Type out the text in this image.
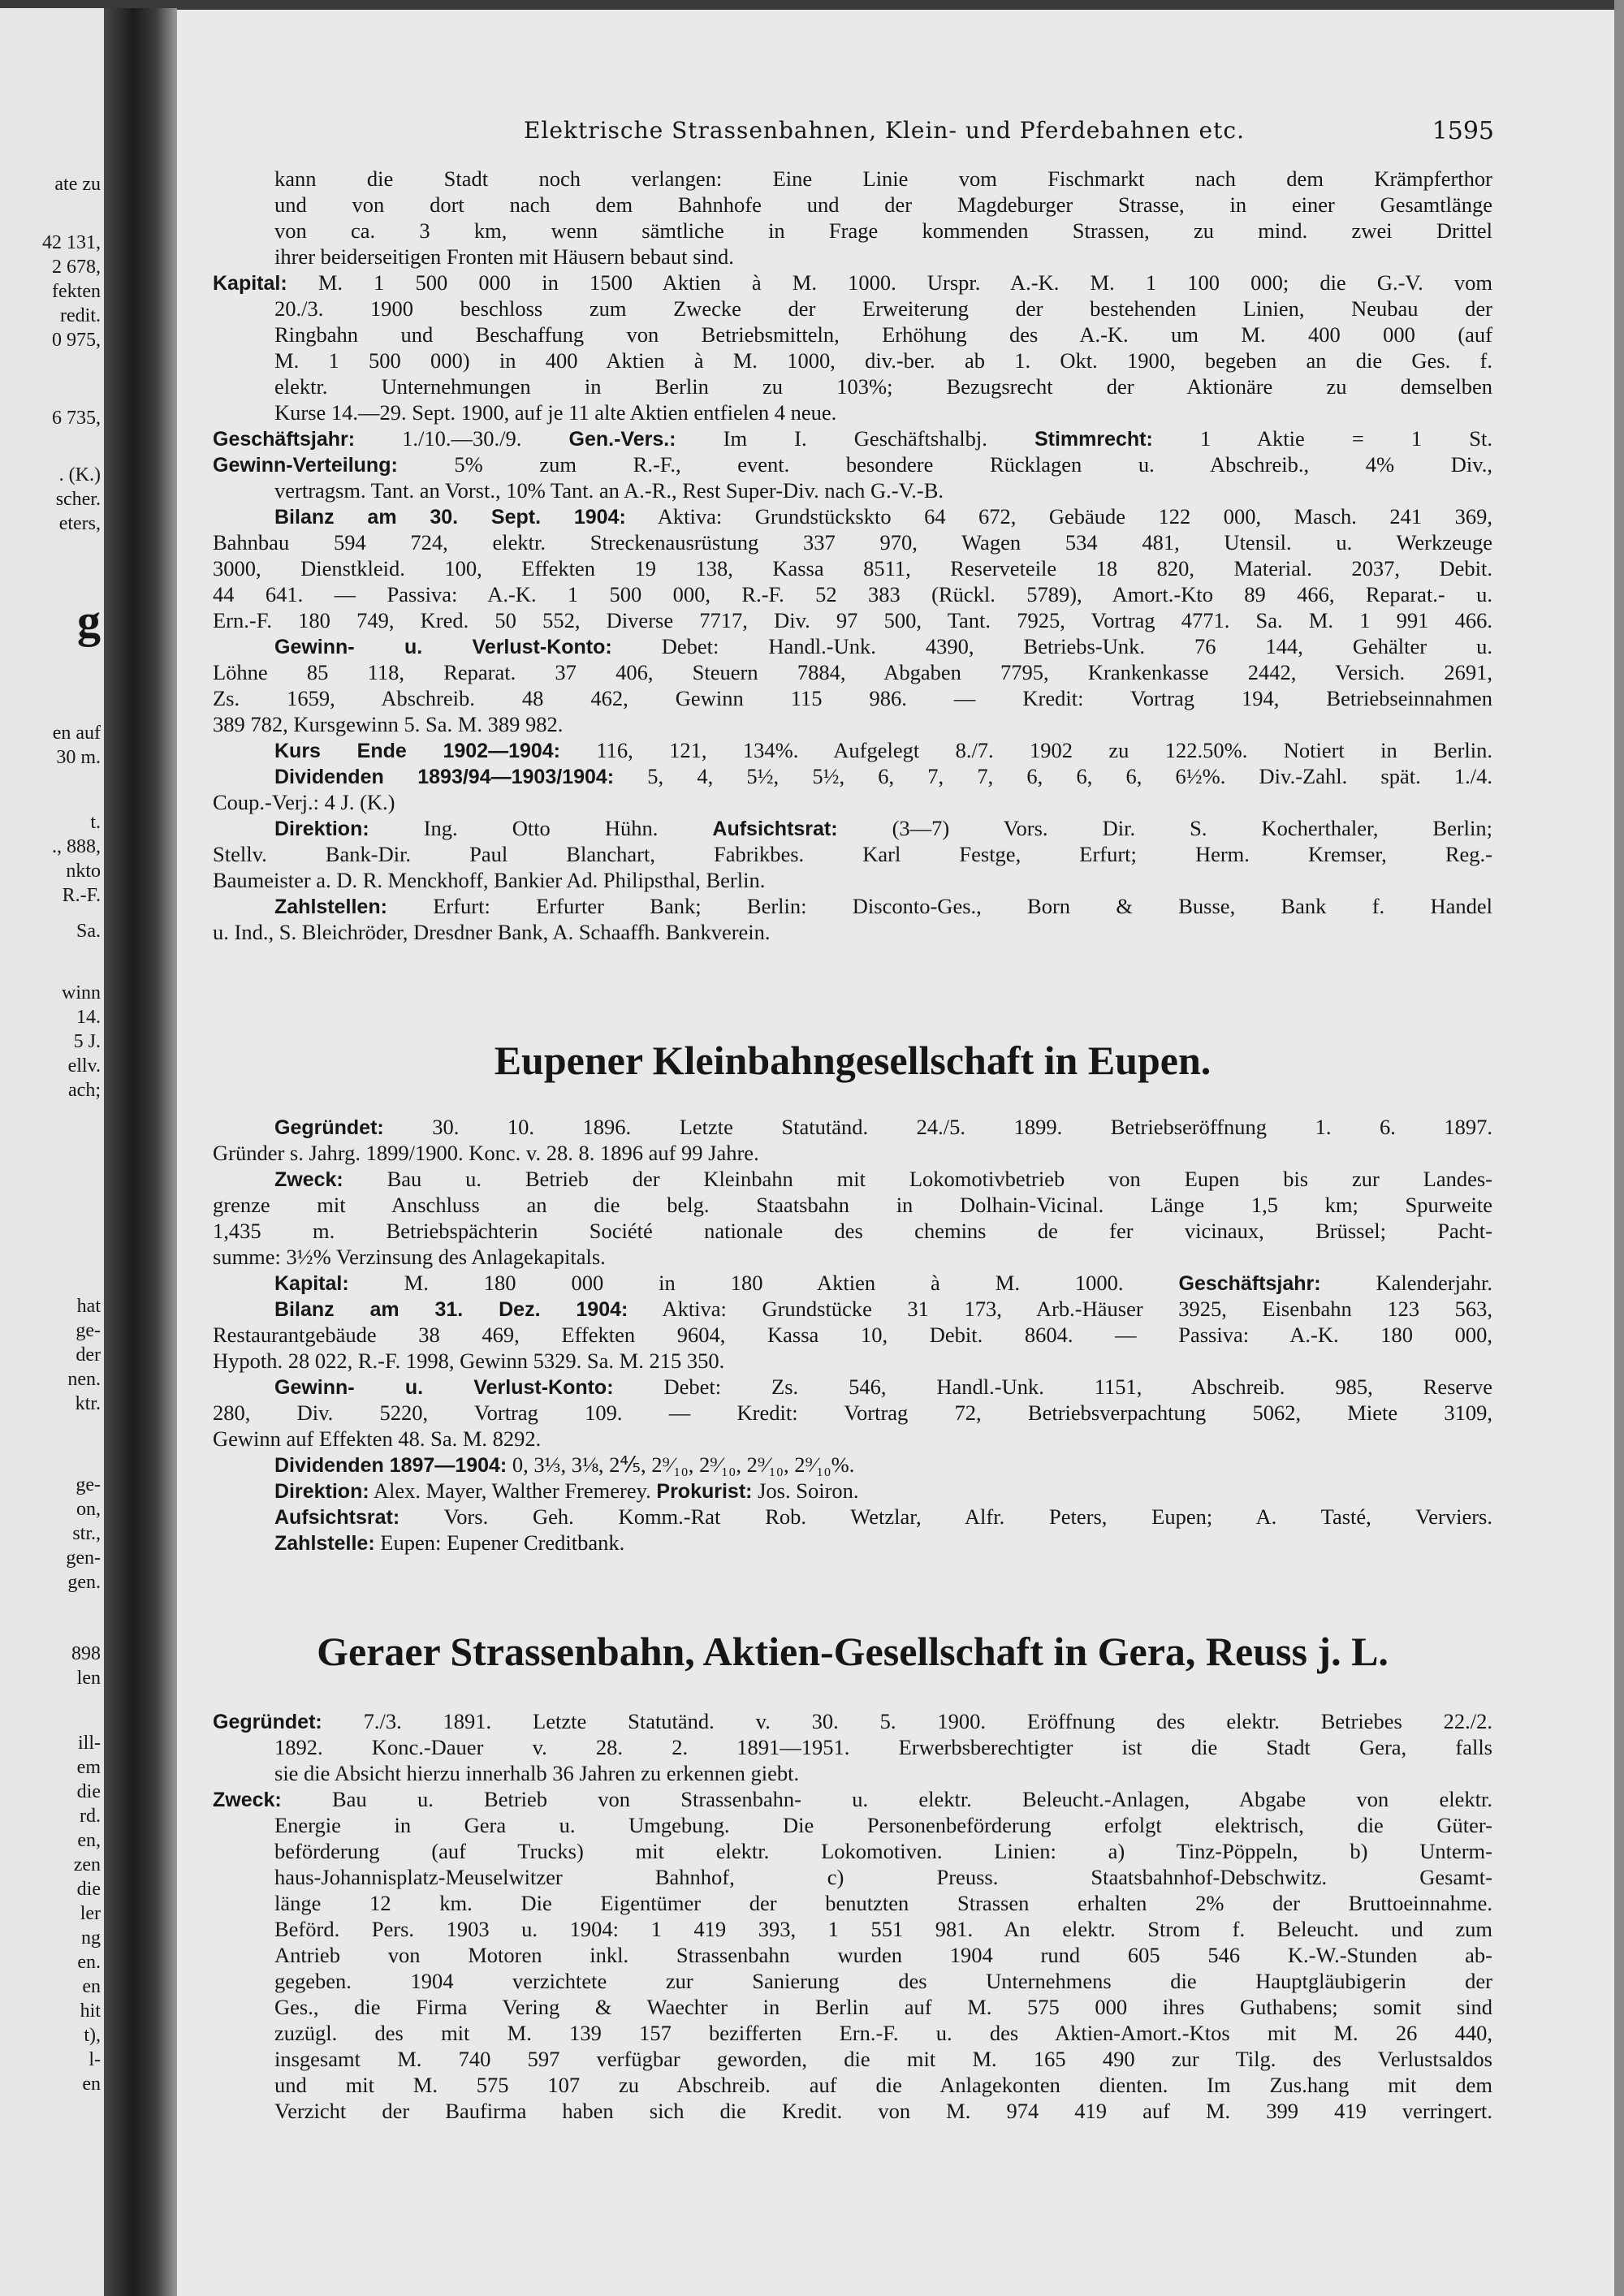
ate zu
42 131,
2 678,
fekten
redit.
0 975,
6 735,
. (K.)
scher.
eters,
g
en auf
30 m.
t.
., 888,
nkto
R.-F.
Sa.
winn
14.
5 J.
ellv.
ach;
hat
ge-
der
nen.
ktr.
ge-
on,
str.,
gen-
gen.
898
len
ill-
em
die
rd.
en,
zen
die
ler
ng
en.
en
hit
t),
l-
en
Elektrische Strassenbahnen, Klein- und Pferdebahnen etc.	1595
kann die Stadt noch verlangen: Eine Linie vom Fischmarkt nach dem Krämpferthor
und von dort nach dem Bahnhofe und der Magdeburger Strasse, in einer Gesamtlänge
von ca. 3 km, wenn sämtliche in Frage kommenden Strassen, zu mind. zwei Drittel
ihrer beiderseitigen Fronten mit Häusern bebaut sind.
Kapital: M. 1 500 000 in 1500 Aktien à M. 1000. Urspr. A.-K. M. 1 100 000; die G.-V. vom
20./3. 1900 beschloss zum Zwecke der Erweiterung der bestehenden Linien, Neubau der
Ringbahn und Beschaffung von Betriebsmitteln, Erhöhung des A.-K. um M. 400 000 (auf
M. 1 500 000) in 400 Aktien à M. 1000, div.-ber. ab 1. Okt. 1900, begeben an die Ges. f.
elektr. Unternehmungen in Berlin zu 103%; Bezugsrecht der Aktionäre zu demselben
Kurse 14.—29. Sept. 1900, auf je 11 alte Aktien entfielen 4 neue.
Geschäftsjahr: 1./10.—30./9. Gen.-Vers.: Im I. Geschäftshalbj. Stimmrecht: 1 Aktie = 1 St.
Gewinn-Verteilung: 5% zum R.-F., event. besondere Rücklagen u. Abschreib., 4% Div.,
vertragsm. Tant. an Vorst., 10% Tant. an A.-R., Rest Super-Div. nach G.-V.-B.
Bilanz am 30. Sept. 1904: Aktiva: Grundstückskto 64 672, Gebäude 122 000, Masch. 241 369,
Bahnbau 594 724, elektr. Streckenausrüstung 337 970, Wagen 534 481, Utensil. u. Werkzeuge
3000, Dienstkleid. 100, Effekten 19 138, Kassa 8511, Reserveteile 18 820, Material. 2037, Debit.
44 641. — Passiva: A.-K. 1 500 000, R.-F. 52 383 (Rückl. 5789), Amort.-Kto 89 466, Reparat.- u.
Ern.-F. 180 749, Kred. 50 552, Diverse 7717, Div. 97 500, Tant. 7925, Vortrag 4771. Sa. M. 1 991 466.
Gewinn- u. Verlust-Konto: Debet: Handl.-Unk. 4390, Betriebs-Unk. 76 144, Gehälter u.
Löhne 85 118, Reparat. 37 406, Steuern 7884, Abgaben 7795, Krankenkasse 2442, Versich. 2691,
Zs. 1659, Abschreib. 48 462, Gewinn 115 986. — Kredit: Vortrag 194, Betriebseinnahmen
389 782, Kursgewinn 5. Sa. M. 389 982.
Kurs Ende 1902—1904: 116, 121, 134%. Aufgelegt 8./7. 1902 zu 122.50%. Notiert in Berlin.
Dividenden 1893/94—1903/1904: 5, 4, 5½, 5½, 6, 7, 7, 6, 6, 6, 6½%. Div.-Zahl. spät. 1./4.
Coup.-Verj.: 4 J. (K.)
Direktion: Ing. Otto Hühn. Aufsichtsrat: (3—7) Vors. Dir. S. Kocherthaler, Berlin;
Stellv. Bank-Dir. Paul Blanchart, Fabrikbes. Karl Festge, Erfurt; Herm. Kremser, Reg.-
Baumeister a. D. R. Menckhoff, Bankier Ad. Philipsthal, Berlin.
Zahlstellen: Erfurt: Erfurter Bank; Berlin: Disconto-Ges., Born & Busse, Bank f. Handel
u. Ind., S. Bleichröder, Dresdner Bank, A. Schaaffh. Bankverein.
Gegründet: 30. 10. 1896. Letzte Statutänd. 24./5. 1899. Betriebseröffnung 1. 6. 1897.
Gründer s. Jahrg. 1899/1900. Konc. v. 28. 8. 1896 auf 99 Jahre.
Zweck: Bau u. Betrieb der Kleinbahn mit Lokomotivbetrieb von Eupen bis zur Landes-
grenze mit Anschluss an die belg. Staatsbahn in Dolhain-Vicinal. Länge 1,5 km; Spurweite
1,435 m. Betriebspächterin Société nationale des chemins de fer vicinaux, Brüssel; Pacht-
summe: 3½% Verzinsung des Anlagekapitals.
Kapital: M. 180 000 in 180 Aktien à M. 1000. Geschäftsjahr: Kalenderjahr.
Bilanz am 31. Dez. 1904: Aktiva: Grundstücke 31 173, Arb.-Häuser 3925, Eisenbahn 123 563,
Restaurantgebäude 38 469, Effekten 9604, Kassa 10, Debit. 8604. — Passiva: A.-K. 180 000,
Hypoth. 28 022, R.-F. 1998, Gewinn 5329. Sa. M. 215 350.
Gewinn- u. Verlust-Konto: Debet: Zs. 546, Handl.-Unk. 1151, Abschreib. 985, Reserve
280, Div. 5220, Vortrag 109. — Kredit: Vortrag 72, Betriebsverpachtung 5062, Miete 3109,
Gewinn auf Effekten 48. Sa. M. 8292.
Dividenden 1897—1904: 0, 3⅓, 3⅛, 2⅘, 2⁹⁄₁₀, 2⁹⁄₁₀, 2⁹⁄₁₀, 2⁹⁄₁₀%.
Direktion: Alex. Mayer, Walther Fremerey. Prokurist: Jos. Soiron.
Aufsichtsrat: Vors. Geh. Komm.-Rat Rob. Wetzlar, Alfr. Peters, Eupen; A. Tasté, Verviers.
Zahlstelle: Eupen: Eupener Creditbank.
Gegründet: 7./3. 1891. Letzte Statutänd. v. 30. 5. 1900. Eröffnung des elektr. Betriebes 22./2.
1892. Konc.-Dauer v. 28. 2. 1891—1951. Erwerbsberechtigter ist die Stadt Gera, falls
sie die Absicht hierzu innerhalb 36 Jahren zu erkennen giebt.
Zweck: Bau u. Betrieb von Strassenbahn- u. elektr. Beleucht.-Anlagen, Abgabe von elektr.
Energie in Gera u. Umgebung. Die Personenbeförderung erfolgt elektrisch, die Güter-
beförderung (auf Trucks) mit elektr. Lokomotiven. Linien: a) Tinz-Pöppeln, b) Unterm-
haus-Johannisplatz-Meuselwitzer Bahnhof, c) Preuss. Staatsbahnhof-Debschwitz. Gesamt-
länge 12 km. Die Eigentümer der benutzten Strassen erhalten 2% der Bruttoeinnahme.
Beförd. Pers. 1903 u. 1904: 1 419 393, 1 551 981. An elektr. Strom f. Beleucht. und zum
Antrieb von Motoren inkl. Strassenbahn wurden 1904 rund 605 546 K.-W.-Stunden ab-
gegeben. 1904 verzichtete zur Sanierung des Unternehmens die Hauptgläubigerin der
Ges., die Firma Vering & Waechter in Berlin auf M. 575 000 ihres Guthabens; somit sind
zuzügl. des mit M. 139 157 bezifferten Ern.-F. u. des Aktien-Amort.-Ktos mit M. 26 440,
insgesamt M. 740 597 verfügbar geworden, die mit M. 165 490 zur Tilg. des Verlustsaldos
und mit M. 575 107 zu Abschreib. auf die Anlagekonten dienten. Im Zus.hang mit dem
Verzicht der Baufirma haben sich die Kredit. von M. 974 419 auf M. 399 419 verringert.
Eupener Kleinbahngesellschaft in Eupen.
Geraer Strassenbahn, Aktien-Gesellschaft in Gera, Reuss j. L.
